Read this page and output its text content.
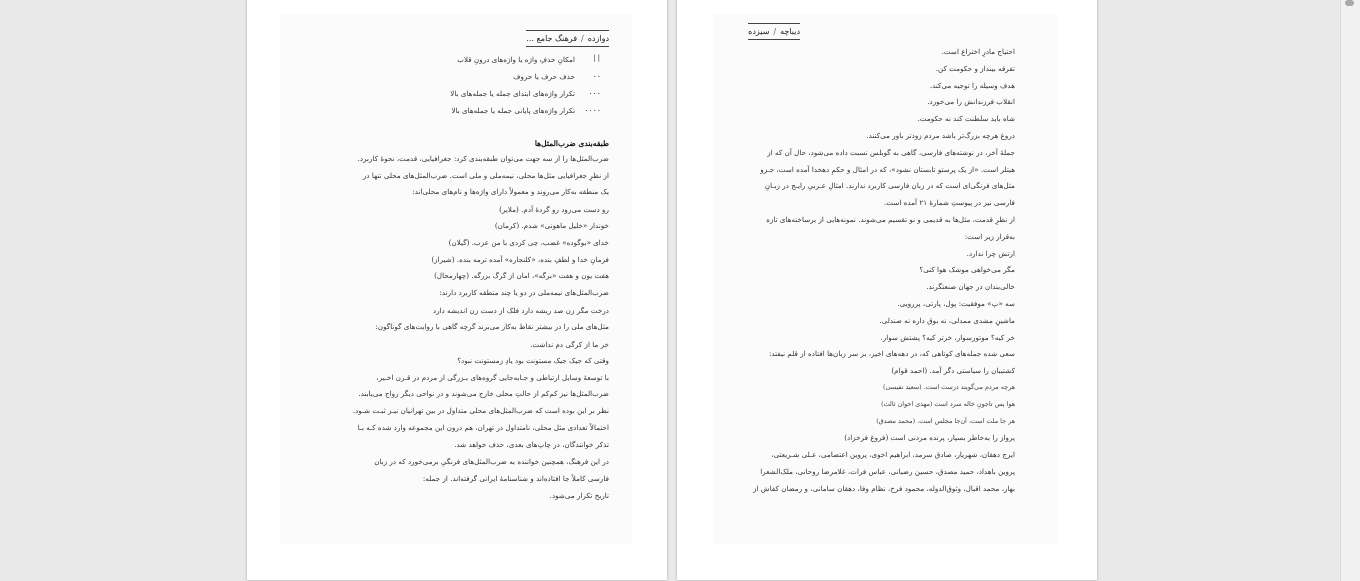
دوازده/فرهنگ جامع ...
||
..
...
....
امکانِ حذفِ واژه یا واژه‌های درونِ قلاب
حذف حرف یا حروف
تکرار واژه‌های ابتدای جمله یا جمله‌های بالا
تکرار واژه‌های پایانی جمله یا جمله‌های بالا
طبقه‌بندی ضرب‌المثل‌ها
ضرب‌المثل‌ها را از سه جهت می‌توان طبقه‌بندی کرد: جغرافیایی، قدمت، نحوهٔ کاربرد.
از نظرِ جغرافیایی مثل‌ها محلی، نیمه‌ملی و ملی است. ضرب‌المثل‌های محلی تنها در
یک منطقه به‌کار می‌روند و معمولاً دارای واژه‌ها و نام‌های محلی‌اند:
رو دست می‌رود رو گردهٔ آدم. (ملایر)
خوندار «خلیل ماهونی» شدم. (کرمان)
خدای «بوگوده» غضب، چی کردی با من عزب. (گیلان)
فرمانِ خدا و لطفِ بنده، «کلنجاره» آمده ترمه بنده. (شیراز)
هفت یون و هفت «برگه»، امان از گرگ بزرگه. (چهارمحال)
ضرب‌المثل‌های نیمه‌ملی در دو یا چند منطقه کاربرد دارند:
درخت مگر زن صد ریشه دارد فلک از دست زن اندیشه دارد
مثل‌های ملی را در بیشتر نقاط به‌کار می‌برند گرچه گاهی با روایت‌های گوناگون:
خر ما از کرگی دم نداشت.
وقتی که جیک جیک مستونت بود یادِ زمستونت نبود؟
با توسعهٔ وسایل ارتباطی و جـابه‌جایی گروه‌های بـزرگی از مردم در قـرن اخـیر،
ضرب‌المثل‌ها نیز کم‌کم از حالتِ محلی خارج می‌شوند و در نواحی دیگر رواج می‌یابند.
نظر بر این بوده است که ضرب‌المثل‌های محلی متداول در بین تهرانیان نیـز ثبـت شـود.
احتمالاً تعدادی مثل محلی، نامتداول در تهران، هم درون این مجموعه وارد شده کـه بـا
تذکر خوانندگان، در چاپ‌های بعدی، حذف خواهد شد.
در این فرهنگ، همچنین خواننده به ضرب‌المثل‌های فرنگیِ برمی‌خورد که در زبان
فارسی کاملاً جا افتاده‌اند و شناسنامهٔ ایرانی گرفته‌اند. از جمله:
تاریخ تکرار می‌شود.
دیباچه/سیزده
احتیاج مادرِ اختراع است.
تفرقه بینداز و حکومت کن.
هدف وسیله را توجیه می‌کند.
انقلاب فرزندانش را می‌خورد.
شاه باید سلطنت کند نه حکومت.
دروغ هرچه بزرگ‌تر باشد مردم زودتر باور می‌کنند.
جملهٔ آخر، در نوشته‌های فارسی، گاهی به گوبلس نسبت داده می‌شود، حال آن که از
هیتلر است. «از یک پرستو تابستان نشود»، که در امثال و حکمِ دهخدا آمده است، جـزو
مثل‌های فرنگی‌ای است که در زبان فارسی کاربرد ندارند. امثالِ عـربیِ رایـج در زبـانِ
فارسی نیز در پیوستِ شمارهٔ ۲۱ آمده است.
از نظرِ قدمت، مثل‌ها به قدیمی و نو تقسیم می‌شوند. نمونه‌هایی از برساخته‌های تازه
به‌قرار زیر است:
ارتش چرا ندارد.
مگر می‌خواهی موشک هوا کنی؟
خالی‌بندان در جهان صنعتگرند.
سه «پ» موفقیت: پول، پارتی، پررویی.
ماشینِ مشدی ممدلی، نه بوق داره نه صندلی.
خر کیه؟ موتورسوار، خرتر کیه؟ پشتش سوار.
سعی شده جمله‌های کوتاهی که، در دهه‌های اخیر، بر سر زبان‌ها افتاده از قلم نیفتد:
کشتیبان را سیاستی دگر آمد. (احمد قوام)
هرچه مردم می‌گویند درست است. (سعید نفیسی)
هوا پس تاجونِ خاله سرد است (مهدی اخوان ثالث)
هر جا ملت است، آن‌جا مجلس است. (محمد مصدق)
پرواز را به‌خاطر بسپار، پرنده مردنی است (فروغ فرخزاد)
ایرج دهقان، شهریار، صادق سرمد، ابراهیم اخوی، پروین اعتصامی، عـلی شـریعتی،
پروین باهداد، حمید مصدق، حسین رضیانی، عباس فرات، غلامرضا روحانی، ملک‌الشعرا
بهار، محمد اقبال، وثوق‌الدوله، محمود فرخ، نظام وفا، دهقان سامانی، و رمضان کفاش از
